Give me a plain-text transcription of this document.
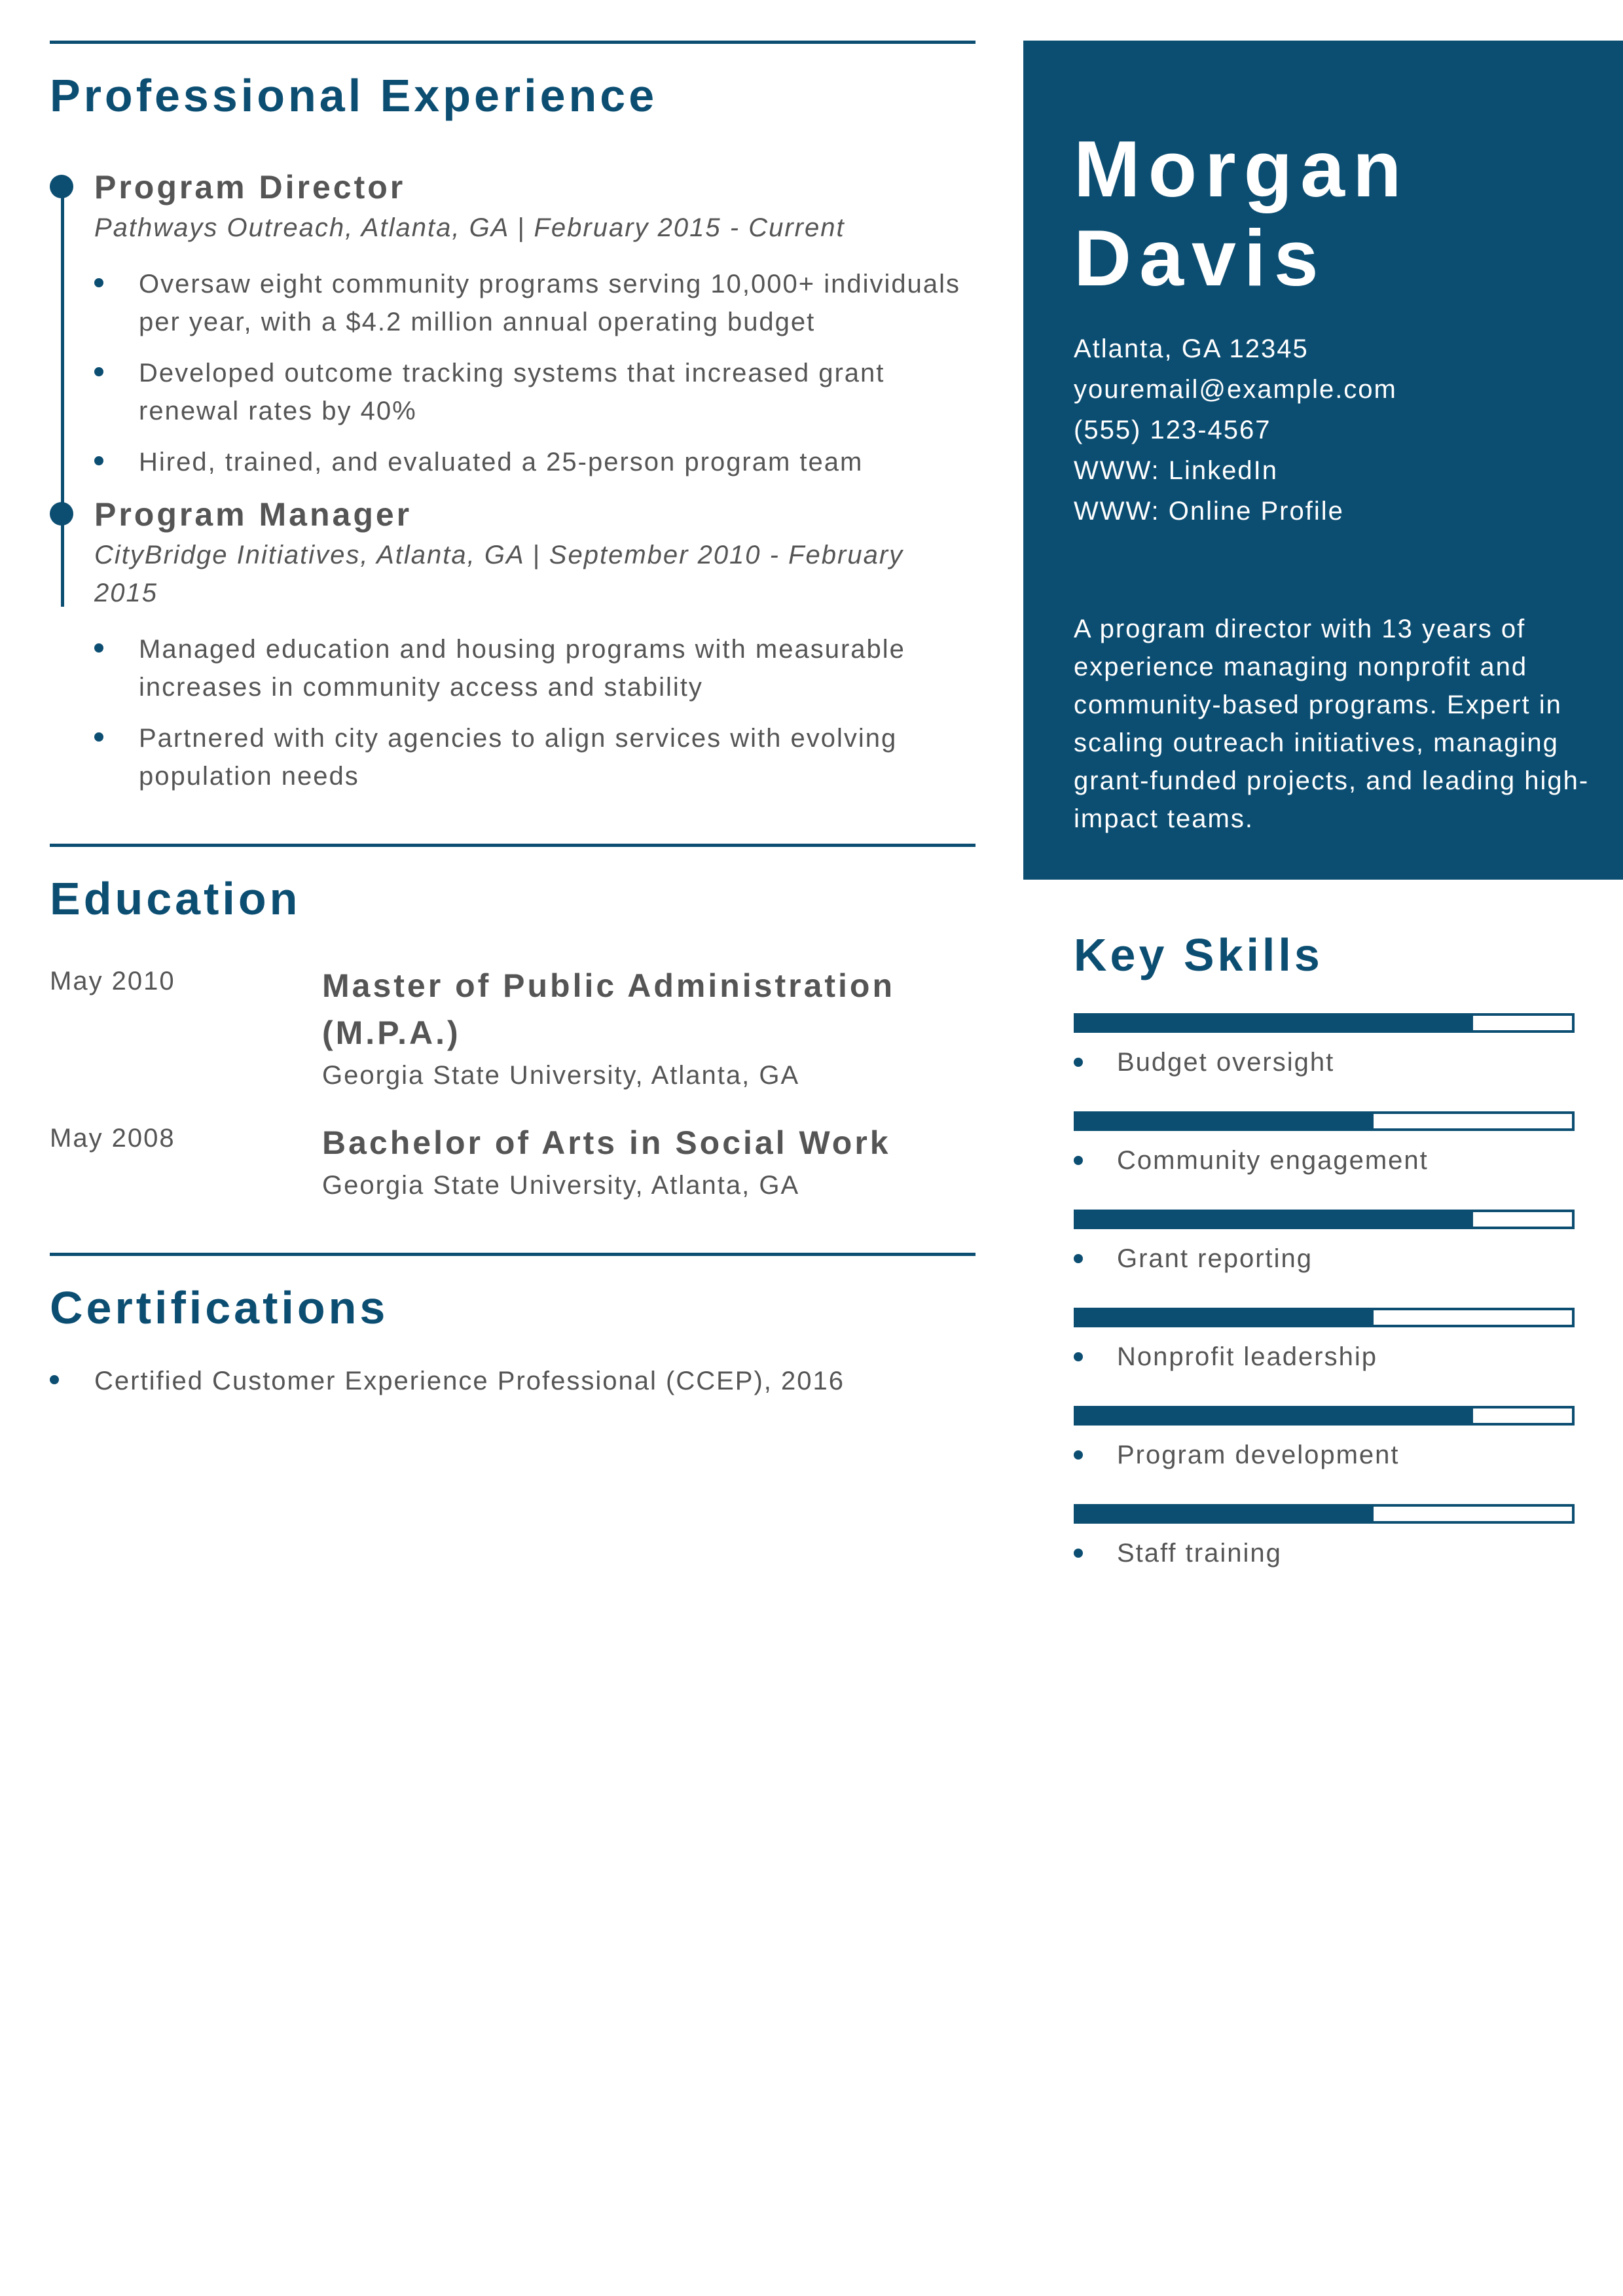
Professional Experience
Program Director
Pathways Outreach, Atlanta, GA | February 2015 - Current
Oversaw eight community programs serving 10,000+ individuals per year, with a $4.2 million annual operating budget
Developed outcome tracking systems that increased grant renewal rates by 40%
Hired, trained, and evaluated a 25-person program team
Program Manager
CityBridge Initiatives, Atlanta, GA | September 2010 - February 2015
Managed education and housing programs with measurable increases in community access and stability
Partnered with city agencies to align services with evolving population needs
Education
May 2010	Master of Public Administration (M.P.A.)
Georgia State University, Atlanta, GA
May 2008	Bachelor of Arts in Social Work
Georgia State University, Atlanta, GA
Certifications
Certified Customer Experience Professional (CCEP), 2016
Morgan
Davis
Atlanta, GA 12345
youremail@example.com
(555) 123-4567
WWW: LinkedIn
WWW: Online Profile
A program director with 13 years of experience managing nonprofit and community-based programs. Expert in scaling outreach initiatives, managing grant-funded projects, and leading high-impact teams.
Key Skills
Budget oversight
Community engagement
Grant reporting
Nonprofit leadership
Program development
Staff training
